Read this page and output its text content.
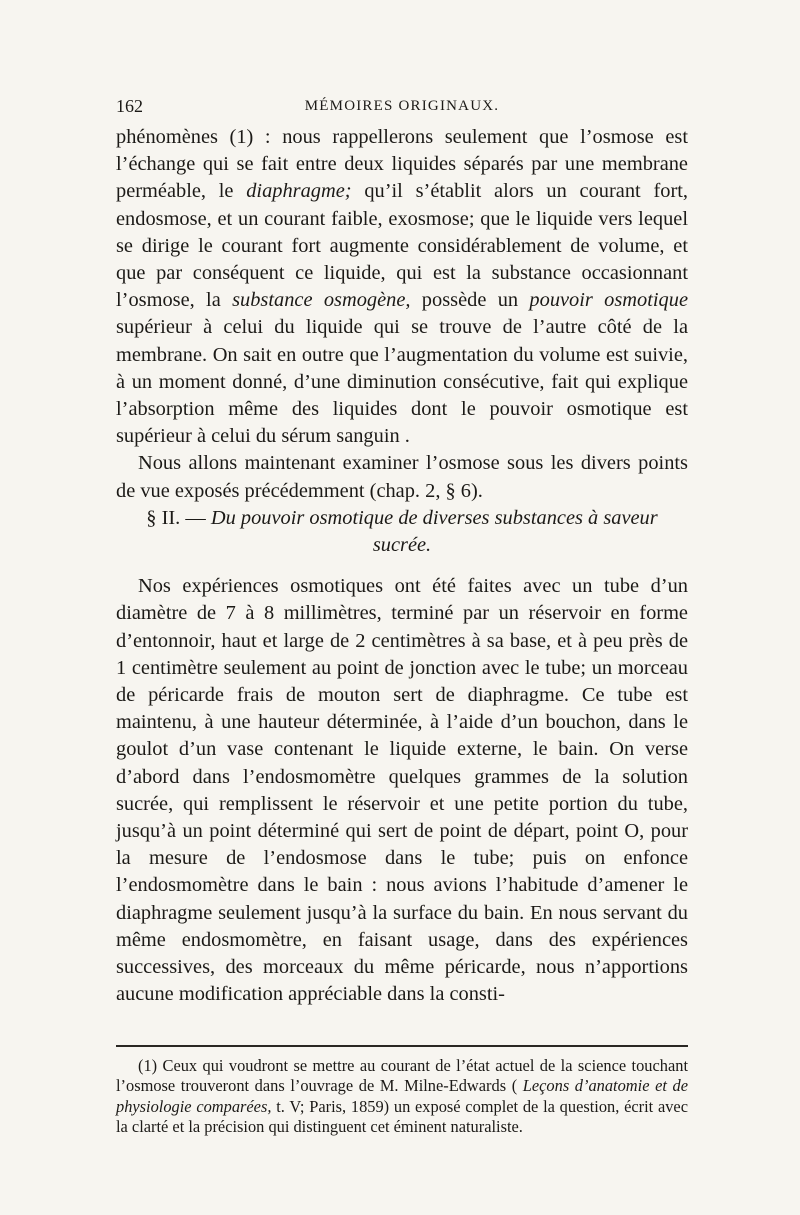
162	MÉMOIRES ORIGINAUX.

phénomènes (1) : nous rappellerons seulement que l’osmose est l’échange qui se fait entre deux liquides séparés par une membrane perméable, le diaphragme; qu’il s’établit alors un courant fort, endosmose, et un courant faible, exosmose; que le liquide vers lequel se dirige le courant fort augmente considérablement de volume, et que par conséquent ce liquide, qui est la substance occasionnant l’osmose, la substance osmogène, possède un pouvoir osmotique supérieur à celui du liquide qui se trouve de l’autre côté de la membrane. On sait en outre que l’augmentation du volume est suivie, à un moment donné, d’une diminution consécutive, fait qui explique l’absorption même des liquides dont le pouvoir osmotique est supérieur à celui du sérum sanguin .

Nous allons maintenant examiner l’osmose sous les divers points de vue exposés précédemment (chap. 2, § 6).

§ II. — Du pouvoir osmotique de diverses substances à saveur sucrée.

Nos expériences osmotiques ont été faites avec un tube d’un diamètre de 7 à 8 millimètres, terminé par un réservoir en forme d’entonnoir, haut et large de 2 centimètres à sa base, et à peu près de 1 centimètre seulement au point de jonction avec le tube; un morceau de péricarde frais de mouton sert de diaphragme. Ce tube est maintenu, à une hauteur déterminée, à l’aide d’un bouchon, dans le goulot d’un vase contenant le liquide externe, le bain. On verse d’abord dans l’endosmomètre quelques grammes de la solution sucrée, qui remplissent le réservoir et une petite portion du tube, jusqu’à un point déterminé qui sert de point de départ, point O, pour la mesure de l’endosmose dans le tube; puis on enfonce l’endosmomètre dans le bain : nous avions l’habitude d’amener le diaphragme seulement jusqu’à la surface du bain. En nous servant du même endosmomètre, en faisant usage, dans des expériences successives, des morceaux du même péricarde, nous n’apportions aucune modification appréciable dans la consti-

(1) Ceux qui voudront se mettre au courant de l’état actuel de la science touchant l’osmose trouveront dans l’ouvrage de M. Milne-Edwards ( Leçons d’anatomie et de physiologie comparées, t. V; Paris, 1859) un exposé complet de la question, écrit avec la clarté et la précision qui distinguent cet éminent naturaliste.
